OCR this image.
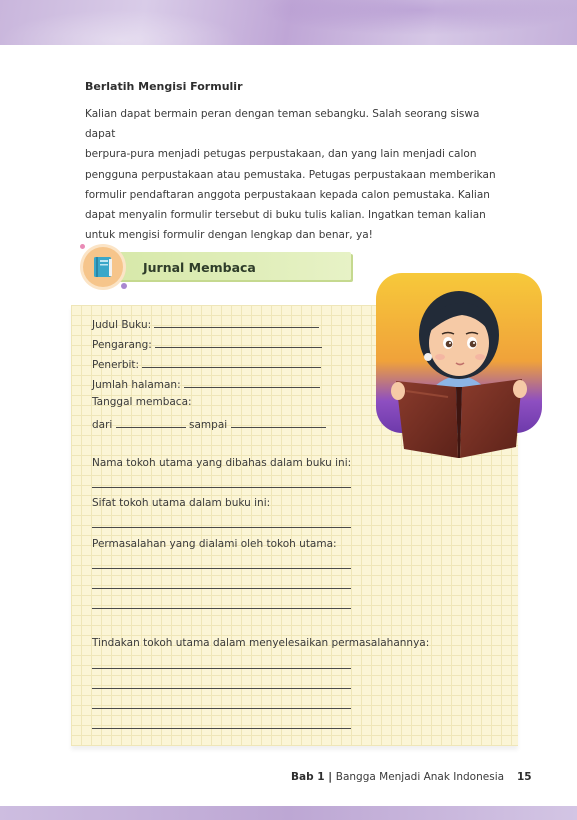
Berlatih Mengisi Formulir

Kalian dapat bermain peran dengan teman sebangku. Salah seorang siswa dapat
berpura-pura menjadi petugas perpustakaan, dan yang lain menjadi calon
pengguna perpustakaan atau pemustaka. Petugas perpustakaan memberikan
formulir pendaftaran anggota perpustakaan kepada calon pemustaka. Kalian
dapat menyalin formulir tersebut di buku tulis kalian. Ingatkan teman kalian
untuk mengisi formulir dengan lengkap dan benar, ya!

Jurnal Membaca
Judul Buku:
Pengarang:
Penerbit:
Jumlah halaman:
Tanggal membaca:
dari	sampai
Nama tokoh utama yang dibahas dalam buku ini:
Sifat tokoh utama dalam buku ini:
Permasalahan yang dialami oleh tokoh utama:
Tindakan tokoh utama dalam menyelesaikan permasalahannya:
Bab 1 | Bangga Menjadi Anak Indonesia 15
